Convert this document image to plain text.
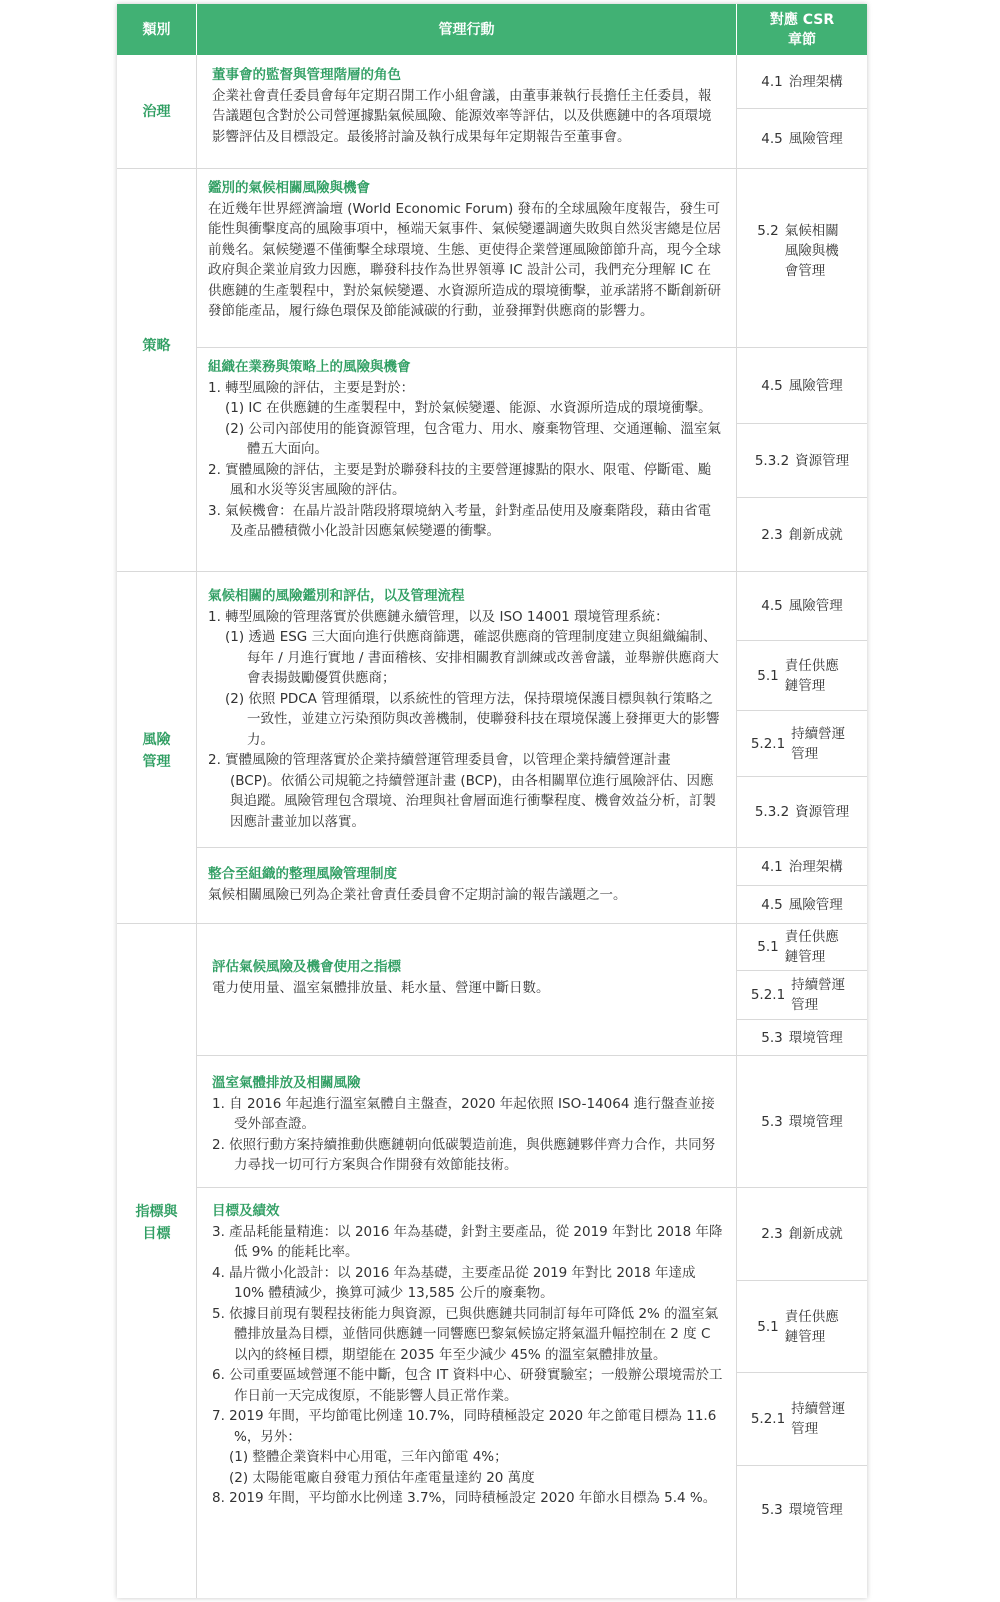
類別	管理行動
對應 CSR
章節
治理
策略
風險
管理
指標與
目標
董事會的監督與管理階層的角色

企業社會責任委員會每年定期召開工作小組會議，由董事兼執行長擔任主任委員，報告議題包含對於公司營運據點氣候風險、能源效率等評估，以及供應鏈中的各項環境影響評估及目標設定。最後將討論及執行成果每年定期報告至董事會。

鑑別的氣候相關風險與機會

在近幾年世界經濟論壇 (World Economic Forum) 發布的全球風險年度報告，發生可能性與衝擊度高的風險事項中，極端天氣事件、氣候變遷調適失敗與自然災害總是位居前幾名。氣候變遷不僅衝擊全球環境、生態、更使得企業營運風險節節升高，現今全球政府與企業並肩致力因應，聯發科技作為世界領導 IC 設計公司，我們充分理解 IC 在供應鏈的生產製程中，對於氣候變遷、水資源所造成的環境衝擊，並承諾將不斷創新研發節能產品，履行綠色環保及節能減碳的行動，並發揮對供應商的影響力。

組織在業務與策略上的風險與機會

1. 轉型風險的評估，主要是對於：

(1) IC 在供應鏈的生產製程中，對於氣候變遷、能源、水資源所造成的環境衝擊。

(2) 公司內部使用的能資源管理，包含電力、用水、廢棄物管理、交通運輸、溫室氣體五大面向。

2. 實體風險的評估，主要是對於聯發科技的主要營運據點的限水、限電、停斷電、颱風和水災等災害風險的評估。

3. 氣候機會：在晶片設計階段將環境納入考量，針對產品使用及廢棄階段，藉由省電及產品體積微小化設計因應氣候變遷的衝擊。

氣候相關的風險鑑別和評估，以及管理流程

1. 轉型風險的管理落實於供應鏈永續管理，以及 ISO 14001 環境管理系統：

(1) 透過 ESG 三大面向進行供應商篩選，確認供應商的管理制度建立與組織編制、每年 / 月進行實地 / 書面稽核、安排相關教育訓練或改善會議，並舉辦供應商大會表揚鼓勵優質供應商；

(2) 依照 PDCA 管理循環，以系統性的管理方法，保持環境保護目標與執行策略之一致性，並建立污染預防與改善機制，使聯發科技在環境保護上發揮更大的影響力。

2. 實體風險的管理落實於企業持續營運管理委員會，以管理企業持續營運計畫 (BCP)。依循公司規範之持續營運計畫 (BCP)，由各相關單位進行風險評估、因應與追蹤。風險管理包含環境、治理與社會層面進行衝擊程度、機會效益分析，訂製因應計畫並加以落實。

整合至組織的整理風險管理制度

氣候相關風險已列為企業社會責任委員會不定期討論的報告議題之一。

評估氣候風險及機會使用之指標

電力使用量、溫室氣體排放量、耗水量、營運中斷日數。

溫室氣體排放及相關風險

1. 自 2016 年起進行溫室氣體自主盤查，2020 年起依照 ISO-14064 進行盤查並接受外部查證。

2. 依照行動方案持續推動供應鏈朝向低碳製造前進，與供應鏈夥伴齊力合作，共同努力尋找一切可行方案與合作開發有效節能技術。

目標及績效

3. 產品耗能量精進：以 2016 年為基礎，針對主要產品，從 2019 年對比 2018 年降低 9% 的能耗比率。

4. 晶片微小化設計：以 2016 年為基礎，主要產品從 2019 年對比 2018 年達成 10% 體積減少，換算可減少 13,585 公斤的廢棄物。

5. 依據目前現有製程技術能力與資源，已與供應鏈共同制訂每年可降低 2% 的溫室氣體排放量為目標，並偕同供應鏈一同響應巴黎氣候協定將氣溫升幅控制在 2 度 C 以內的終極目標，期望能在 2035 年至少減少 45% 的溫室氣體排放量。

6. 公司重要區域營運不能中斷，包含 IT 資料中心、研發實驗室；一般辦公環境需於工作日前一天完成復原，不能影響人員正常作業。

7. 2019 年間，平均節電比例達 10.7%，同時積極設定 2020 年之節電目標為 11.6 %，另外：

(1) 整體企業資料中心用電，三年內節電 4%；

(2) 太陽能電廠自發電力預估年產電量達約 20 萬度

8. 2019 年間，平均節水比例達 3.7%，同時積極設定 2020 年節水目標為 5.4 %。

4.1 治理架構
4.5 風險管理
5.2 氣候相關風險與機會管理
4.5 風險管理
5.3.2 資源管理
2.3 創新成就
4.5 風險管理
5.1
責任供應鏈管理
5.2.1
持續營運管理
5.3.2 資源管理
4.1 治理架構
4.5 風險管理
5.1
責任供應鏈管理
5.2.1
持續營運管理
5.3 環境管理
5.3 環境管理
2.3 創新成就
5.1
責任供應鏈管理
5.2.1
持續營運管理
5.3 環境管理
